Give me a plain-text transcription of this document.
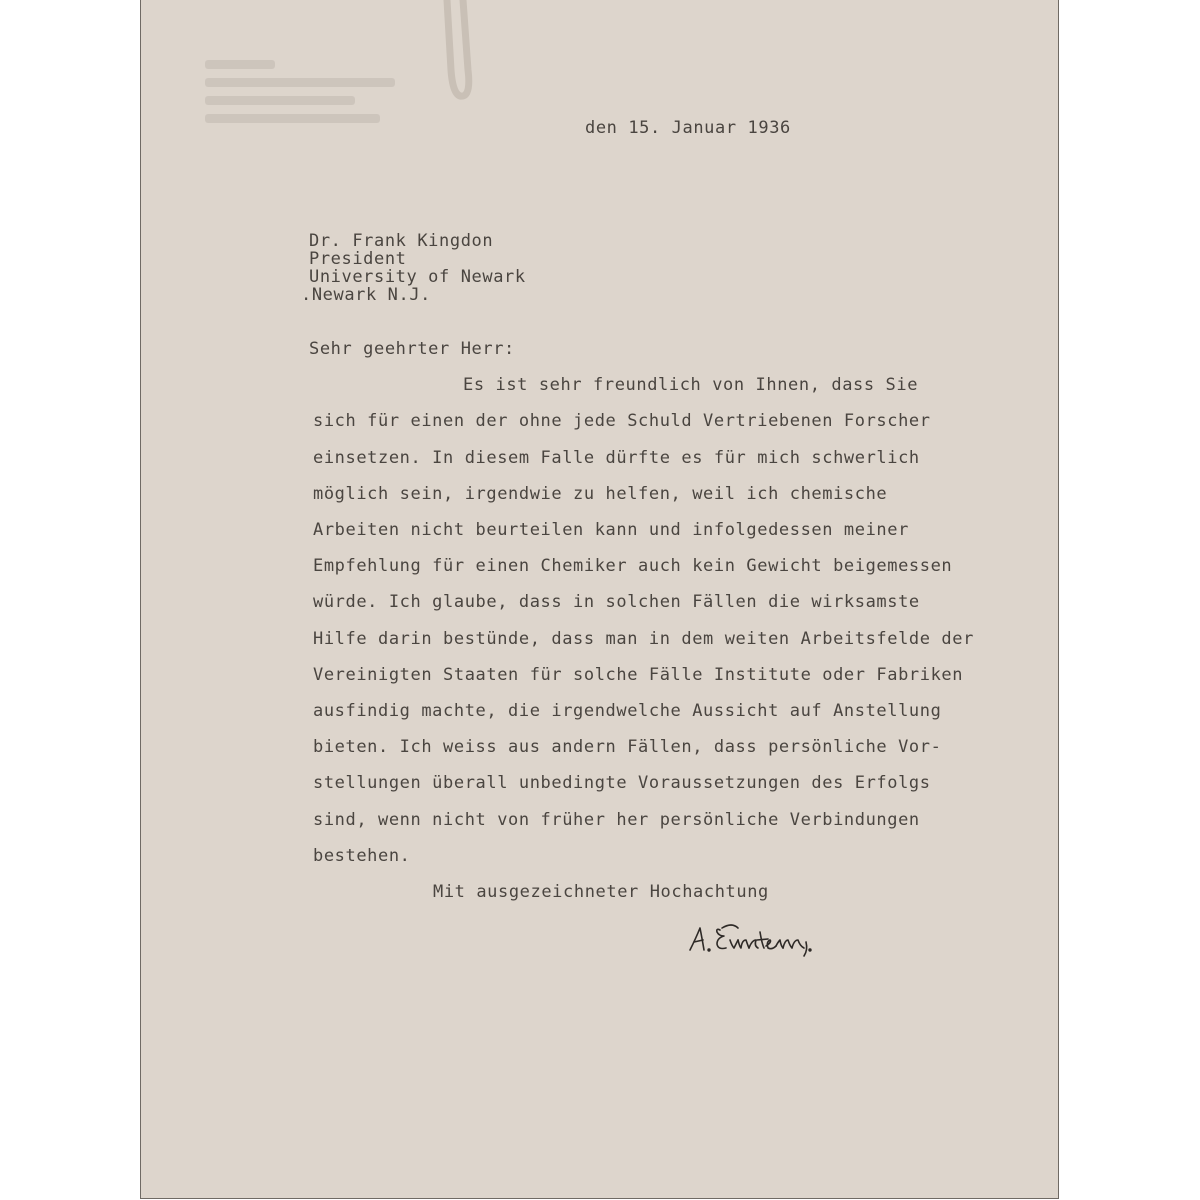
den 15. Januar 1936
Dr. Frank Kingdon
President
University of Newark
.Newark N.J.
Sehr geehrter Herr:
Es ist sehr freundlich von Ihnen, dass Sie
sich für einen der ohne jede Schuld Vertriebenen Forscher
einsetzen. In diesem Falle dürfte es für mich schwerlich
möglich sein, irgendwie zu helfen, weil ich chemische
Arbeiten nicht beurteilen kann und infolgedessen meiner
Empfehlung für einen Chemiker auch kein Gewicht beigemessen
würde. Ich glaube, dass in solchen Fällen die wirksamste
Hilfe darin bestünde, dass man in dem weiten Arbeitsfelde der
Vereinigten Staaten für solche Fälle Institute oder Fabriken
ausfindig machte, die irgendwelche Aussicht auf Anstellung
bieten. Ich weiss aus andern Fällen, dass persönliche Vor-
stellungen überall unbedingte Voraussetzungen des Erfolgs
sind, wenn nicht von früher her persönliche Verbindungen
bestehen.
Mit ausgezeichneter Hochachtung
